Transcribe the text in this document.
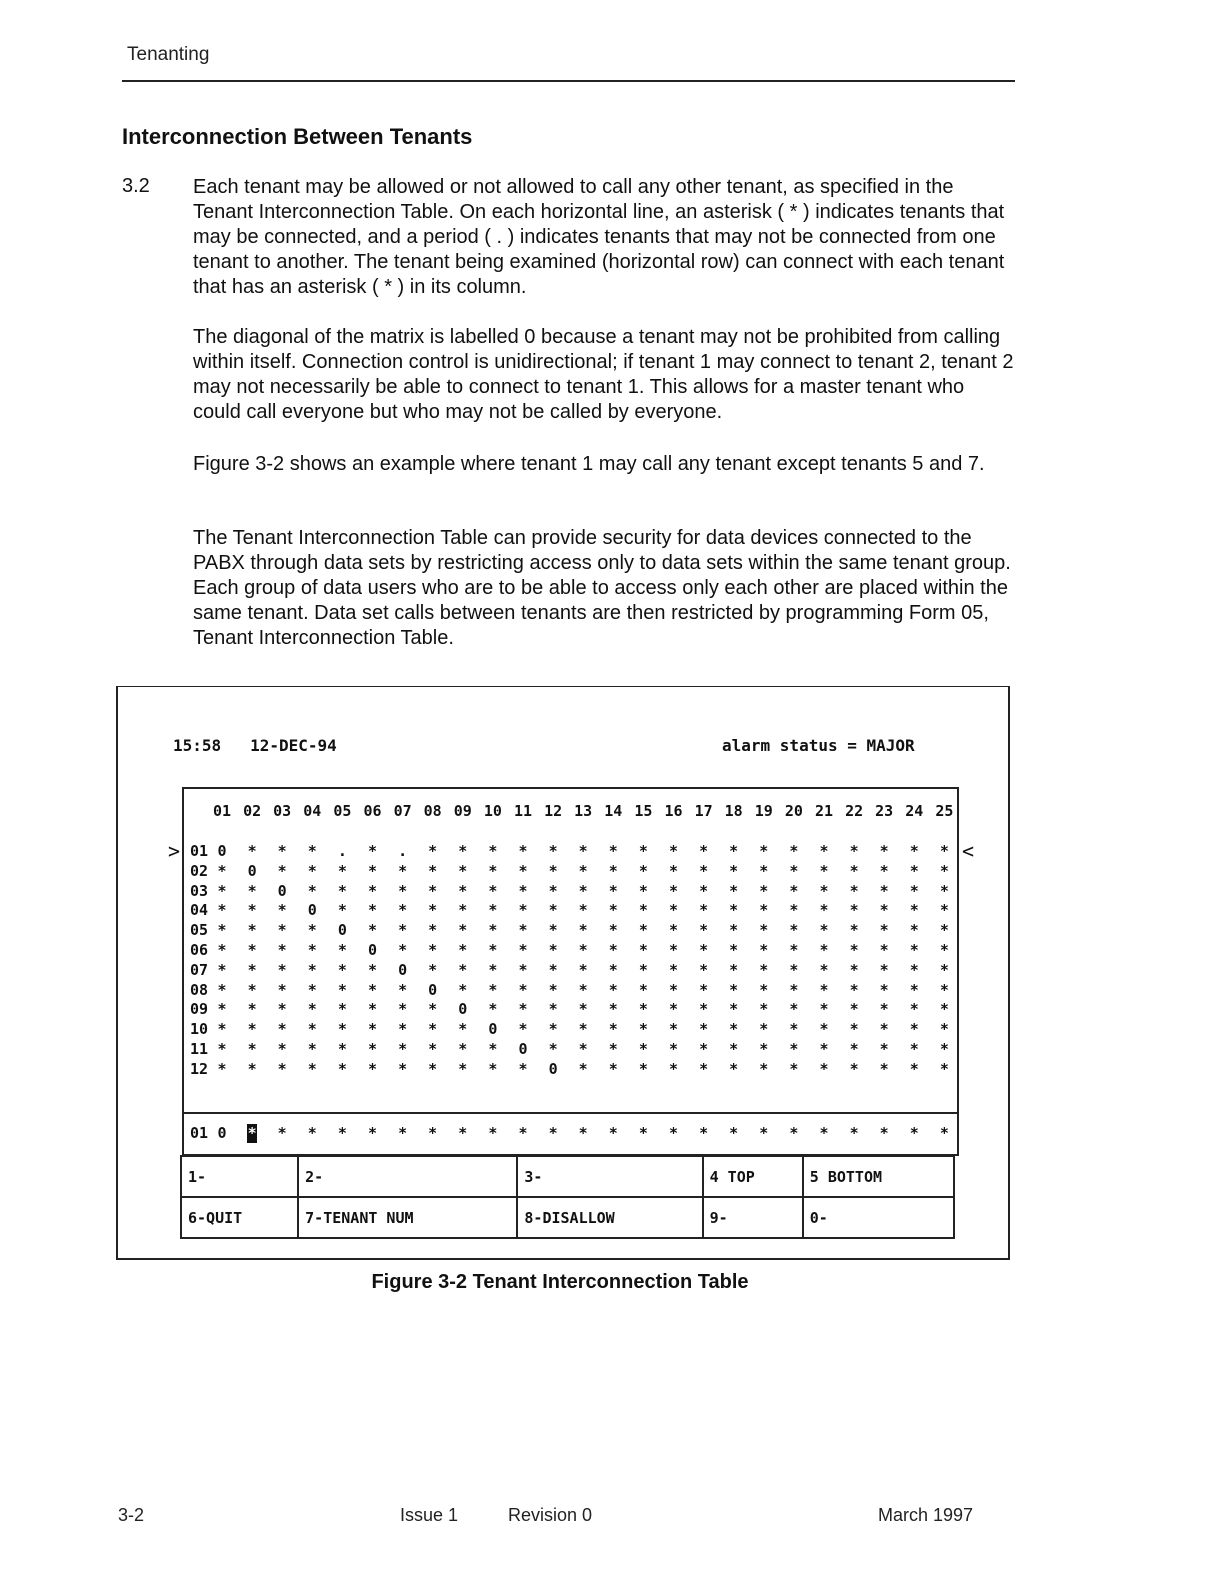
Tenanting
Interconnection Between Tenants
3.2 Each tenant may be allowed or not allowed to call any other tenant, as specified in the Tenant Interconnection Table. On each horizontal line, an asterisk ( * ) indicates tenants that may be connected, and a period ( . ) indicates tenants that may not be connected from one tenant to another. The tenant being examined (horizontal row) can connect with each tenant that has an asterisk ( * ) in its column.
The diagonal of the matrix is labelled 0 because a tenant may not be prohibited from calling within itself. Connection control is unidirectional; if tenant 1 may connect to tenant 2, tenant 2 may not necessarily be able to connect to tenant 1. This allows for a master tenant who could call everyone but who may not be called by everyone.
Figure 3-2 shows an example where tenant 1 may call any tenant except tenants 5 and 7.
The Tenant Interconnection Table can provide security for data devices connected to the PABX through data sets by restricting access only to data sets within the same tenant group. Each group of data users who are to be able to access only each other are placed within the same tenant. Data set calls between tenants are then restricted by programming Form 05, Tenant Interconnection Table.
15:58 12-DEC-94	alarm status = MAJOR
01 02 03 04 05 06 07 08 09 10 11 12 13 14 15 16 17 18 19 20 21 22 23 24 25
01 0	*	*	*	.	*	.	*	*	*	*	*	*	*	*	*	*	*	*	*	*	*	*	*	*
02 *	0	*	*	*	*	*	*	*	*	*	*	*	*	*	*	*	*	*	*	*	*	*	*	*
03 *	*	0	*	*	*	*	*	*	*	*	*	*	*	*	*	*	*	*	*	*	*	*	*	*
04 *	*	*	0	*	*	*	*	*	*	*	*	*	*	*	*	*	*	*	*	*	*	*	*	*
05 *	*	*	*	0	*	*	*	*	*	*	*	*	*	*	*	*	*	*	*	*	*	*	*	*
06 *	*	*	*	*	0	*	*	*	*	*	*	*	*	*	*	*	*	*	*	*	*	*	*	*
07 *	*	*	*	*	*	0	*	*	*	*	*	*	*	*	*	*	*	*	*	*	*	*	*	*
08 *	*	*	*	*	*	*	0	*	*	*	*	*	*	*	*	*	*	*	*	*	*	*	*	*
09 *	*	*	*	*	*	*	*	0	*	*	*	*	*	*	*	*	*	*	*	*	*	*	*	*
10 *	*	*	*	*	*	*	*	*	0	*	*	*	*	*	*	*	*	*	*	*	*	*	*	*
11 *	*	*	*	*	*	*	*	*	*	0	*	*	*	*	*	*	*	*	*	*	*	*	*	*
12 *	*	*	*	*	*	*	*	*	*	*	0	*	*	*	*	*	*	*	*	*	*	*	*	*
>	<
01 0	*	*	*	*	*	*	*	*	*	*	*	*	*	*	*	*	*	*	*	*	*	*	*	*
1-	2-	3-	4 TOP	5 BOTTOM
6-QUIT	7-TENANT NUM	8-DISALLOW	9-	0-
Figure 3-2 Tenant Interconnection Table
3-2	Issue 1	Revision 0	March 1997
